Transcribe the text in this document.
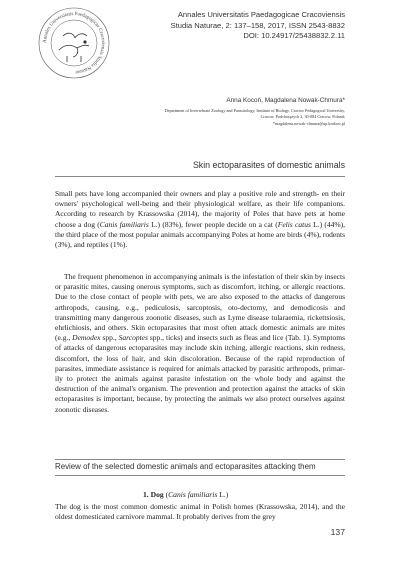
Annales Universitatis Paedagogicae Cracoviensis Studia Naturae
Annales Universitatis Paedagogicae Cracoviensis
Studia Naturae, 2: 137–158, 2017, ISSN 2543-8832
DOI: 10.24917/25438832.2.11
Anna Kocoń, Magdalena Nowak-Chmura*
Department of Invertebrate Zoology and Parasitology, Institute of Biology, Cracow Pedagogical University,
Cracow, Podchorążych 2, 30-084 Cracow, Poland;
*magdalena.nowak-chmura@up.krakow.pl
Skin ectoparasites of domestic animals

Small pets have long accompanied their owners and play a positive role and strength- en their owners' psychological well-being and their physiological welfare, as their life companions. According to research by Krassowska (2014), the majority of Poles that have pets at home choose a dog (Canis familiaris L.) (83%), fewer people decide on a cat (Felis catus L.) (44%), the third place of the most popular animals accompanying Poles at home are birds (4%), rodents (3%), and reptiles (1%).

The frequent phenomenon in accompanying animals is the infestation of their skin by insects or parasitic mites, causing onerous symptoms, such as discomfort, itching, or allergic reactions. Due to the close contact of people with pets, we are also exposed to the attacks of dangerous arthropods, causing, e.g., pediculosis, sarcoptosis, oto-dectomy, and demodicosis and transmitting many dangerous zoonotic diseases, such as Lyme disease tularaemia, rickettsiosis, ehrlichiosis, and others. Skin ectoparasites that most often attack domestic animals are mites (e.g., Demodex spp., Sarcoptes spp., ticks) and insects such as fleas and lice (Tab. 1). Symptoms of attacks of dangerous ectoparasites may include skin itching, allergic reactions, skin redness, discomfort, the loss of hair, and skin discoloration. Because of the rapid reproduction of parasites, immediate assistance is required for animals attacked by parasitic arthropods, primar-ily to protect the animals against parasite infestation on the whole body and against the destruction of the animal's organism. The prevention and protection against the attacks of skin ectoparasites is important, because, by protecting the animals we also protect ourselves against zoonotic diseases.

Review of the selected domestic animals and ectoparasites attacking them
1. Dog (Canis familiaris L.)

The dog is the most common domestic animal in Polish homes (Krassowska, 2014), and the oldest domesticated carnivore mammal. It probably derives from the grey

137
